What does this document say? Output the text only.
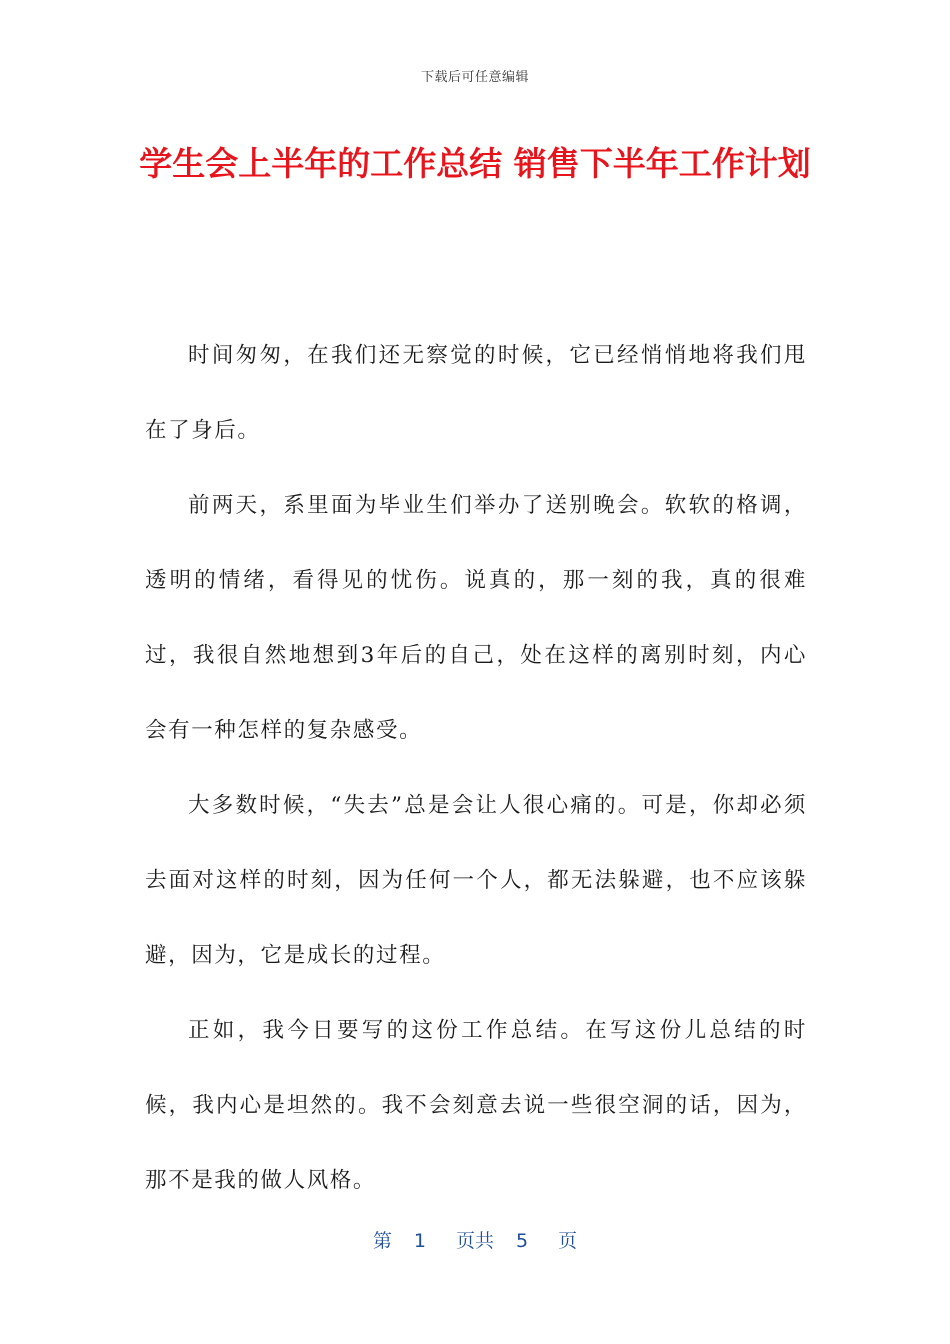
下载后可任意编辑
学生会上半年的工作总结 销售下半年工作计划

时间匆匆，在我们还无察觉的时候，它已经悄悄地将我们甩在了身后。

前两天，系里面为毕业生们举办了送别晚会。软软的格调，透明的情绪，看得见的忧伤。说真的，那一刻的我，真的很难过，我很自然地想到3年后的自己，处在这样的离别时刻，内心会有一种怎样的复杂感受。

大多数时候，“失去”总是会让人很心痛的。可是，你却必须去面对这样的时刻，因为任何一个人，都无法躲避，也不应该躲避，因为，它是成长的过程。

正如，我今日要写的这份工作总结。在写这份儿总结的时候，我内心是坦然的。我不会刻意去说一些很空洞的话，因为，那不是我的做人风格。

第 1 页共 5 页
